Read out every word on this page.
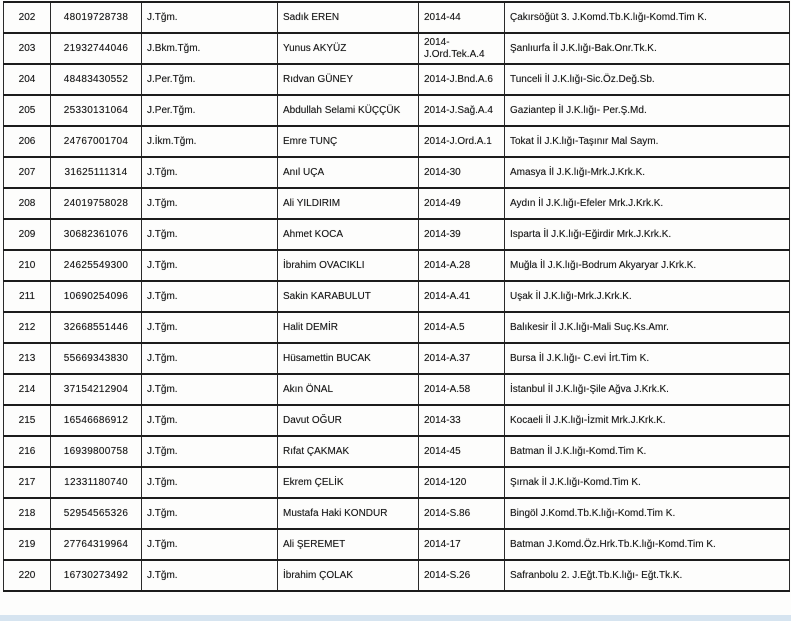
202	48019728738	J.Tğm.	Sadık EREN	2014-44	Çakırsöğüt 3. J.Komd.Tb.K.lığı-Komd.Tim K.
203	21932744046	J.Bkm.Tğm.	Yunus AKYÜZ	2014-J.Ord.Tek.A.4	Şanlıurfa İl J.K.lığı-Bak.Onr.Tk.K.
204	48483430552	J.Per.Tğm.	Rıdvan GÜNEY	2014-J.Bnd.A.6	Tunceli İl J.K.lığı-Sic.Öz.Değ.Sb.
205	25330131064	J.Per.Tğm.	Abdullah Selami KÜÇÇÜK	2014-J.Sağ.A.4	Gaziantep İl J.K.lığı- Per.Ş.Md.
206	24767001704	J.İkm.Tğm.	Emre TUNÇ	2014-J.Ord.A.1	Tokat İl J.K.lığı-Taşınır Mal Saym.
207	31625111314	J.Tğm.	Anıl UÇA	2014-30	Amasya İl J.K.lığı-Mrk.J.Krk.K.
208	24019758028	J.Tğm.	Ali YILDIRIM	2014-49	Aydın İl J.K.lığı-Efeler Mrk.J.Krk.K.
209	30682361076	J.Tğm.	Ahmet KOCA	2014-39	Isparta İl J.K.lığı-Eğirdir Mrk.J.Krk.K.
210	24625549300	J.Tğm.	İbrahim OVACIKLI	2014-A.28	Muğla İl J.K.lığı-Bodrum Akyaryar J.Krk.K.
211	10690254096	J.Tğm.	Sakin KARABULUT	2014-A.41	Uşak İl J.K.lığı-Mrk.J.Krk.K.
212	32668551446	J.Tğm.	Halit DEMİR	2014-A.5	Balıkesir İl J.K.lığı-Mali Suç.Ks.Amr.
213	55669343830	J.Tğm.	Hüsamettin BUCAK	2014-A.37	Bursa İl J.K.lığı- C.evi İrt.Tim K.
214	37154212904	J.Tğm.	Akın ÖNAL	2014-A.58	İstanbul İl J.K.lığı-Şile Ağva J.Krk.K.
215	16546686912	J.Tğm.	Davut OĞUR	2014-33	Kocaeli İl J.K.lığı-İzmit Mrk.J.Krk.K.
216	16939800758	J.Tğm.	Rıfat ÇAKMAK	2014-45	Batman İl J.K.lığı-Komd.Tim K.
217	12331180740	J.Tğm.	Ekrem ÇELİK	2014-120	Şırnak İl J.K.lığı-Komd.Tim K.
218	52954565326	J.Tğm.	Mustafa Haki KONDUR	2014-S.86	Bingöl J.Komd.Tb.K.lığı-Komd.Tim K.
219	27764319964	J.Tğm.	Ali ŞEREMET	2014-17	Batman J.Komd.Öz.Hrk.Tb.K.lığı-Komd.Tim K.
220	16730273492	J.Tğm.	İbrahim ÇOLAK	2014-S.26	Safranbolu 2. J.Eğt.Tb.K.lığı- Eğt.Tk.K.
